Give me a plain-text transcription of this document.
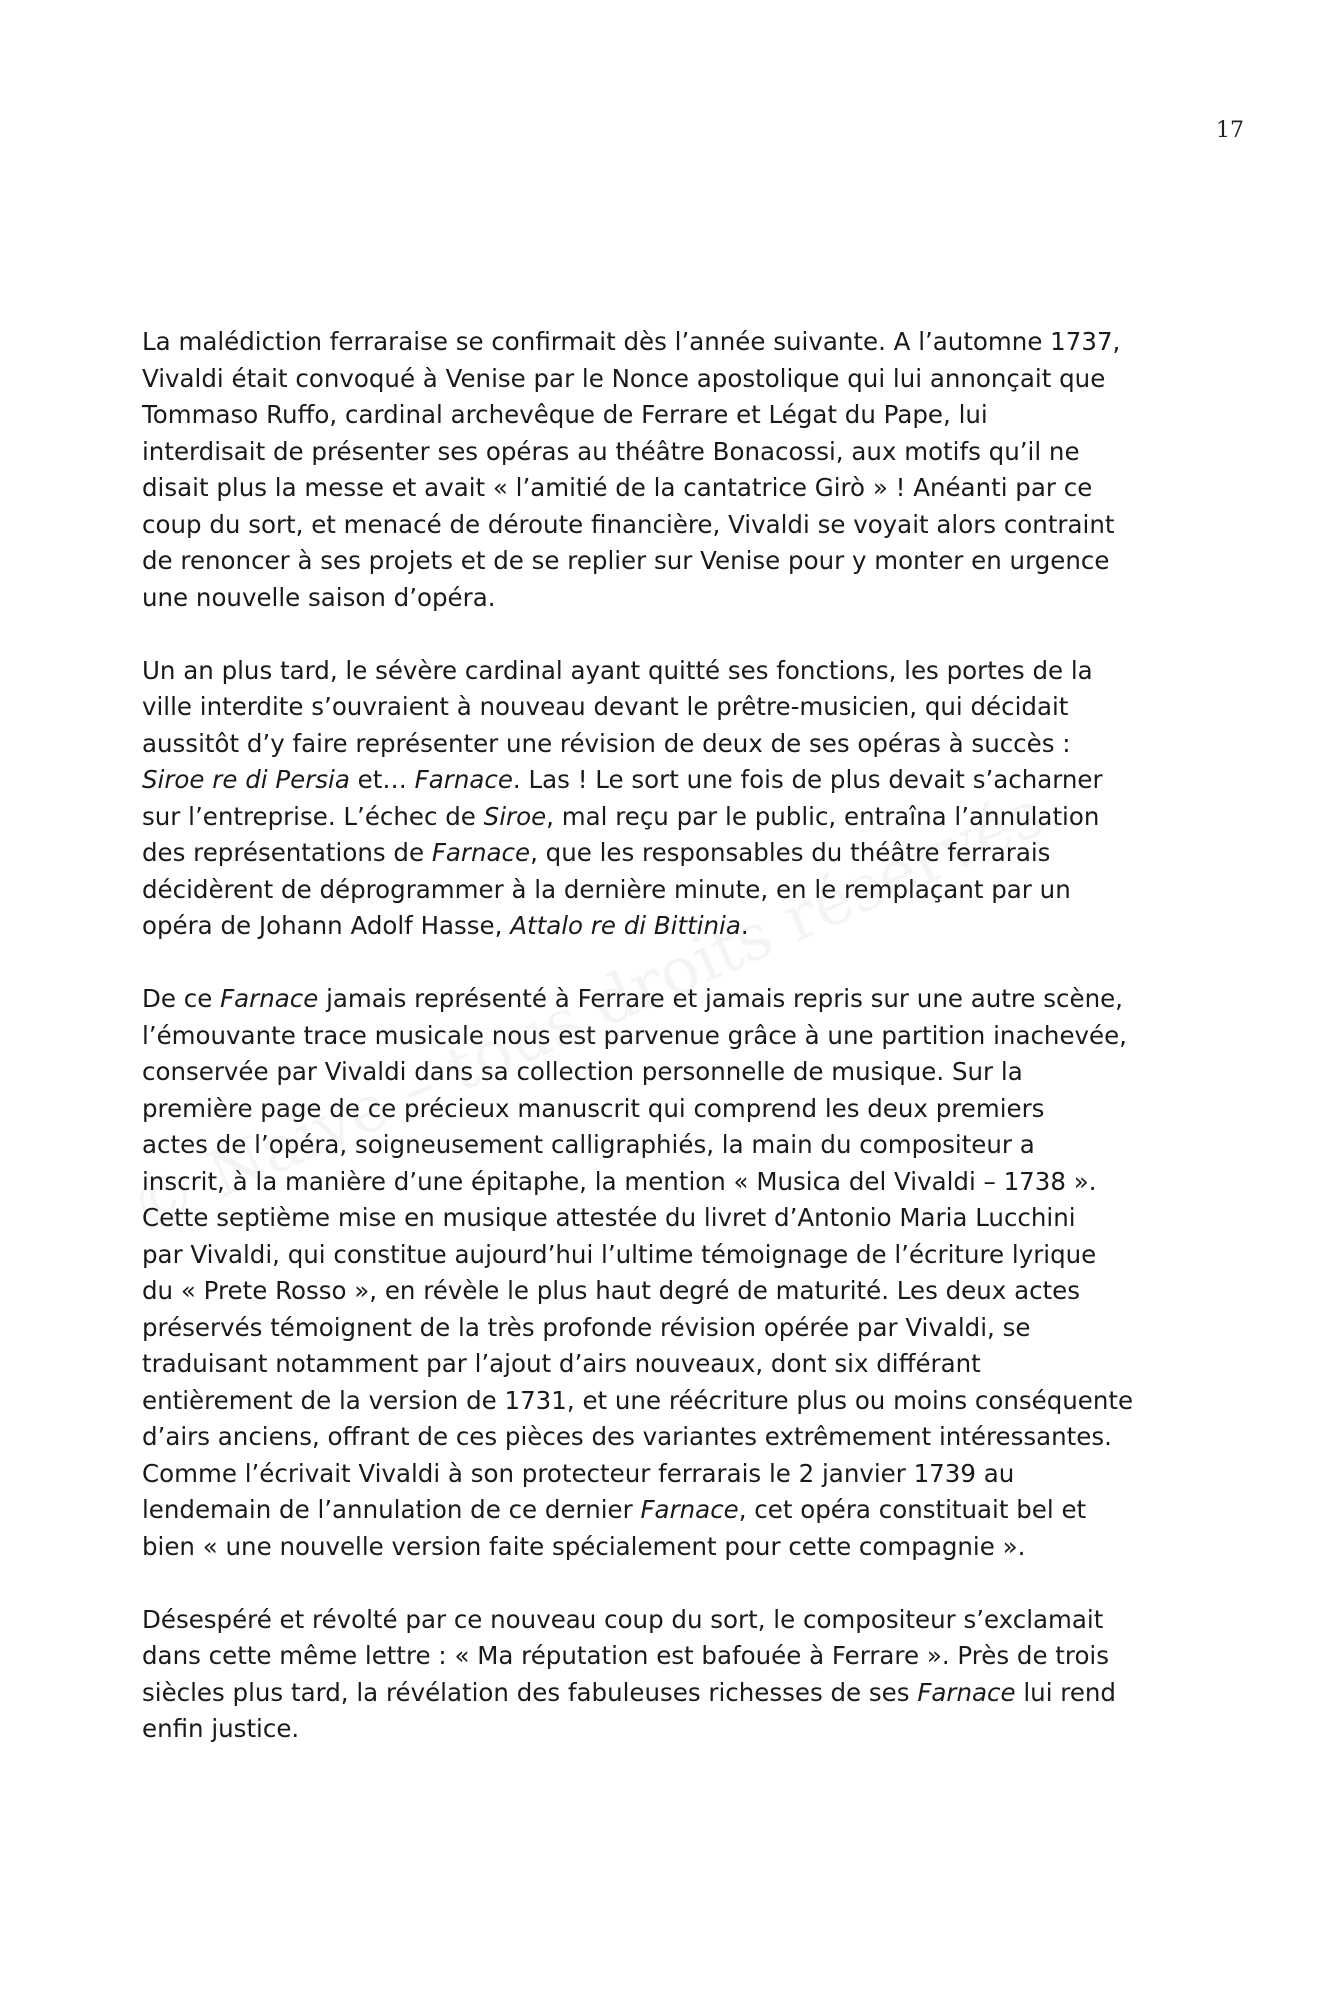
17
La malédiction ferraraise se confirmait dès l’année suivante. A l’automne 1737,
Vivaldi était convoqué à Venise par le Nonce apostolique qui lui annonçait que
Tommaso Ruffo, cardinal archevêque de Ferrare et Légat du Pape, lui
interdisait de présenter ses opéras au théâtre Bonacossi, aux motifs qu’il ne
disait plus la messe et avait « l’amitié de la cantatrice Girò » ! Anéanti par ce
coup du sort, et menacé de déroute financière, Vivaldi se voyait alors contraint
de renoncer à ses projets et de se replier sur Venise pour y monter en urgence
une nouvelle saison d’opéra.
Un an plus tard, le sévère cardinal ayant quitté ses fonctions, les portes de la
ville interdite s’ouvraient à nouveau devant le prêtre-musicien, qui décidait
aussitôt d’y faire représenter une révision de deux de ses opéras à succès :
Siroe re di Persia et… Farnace. Las ! Le sort une fois de plus devait s’acharner
sur l’entreprise. L’échec de Siroe, mal reçu par le public, entraîna l’annulation
des représentations de Farnace, que les responsables du théâtre ferrarais
décidèrent de déprogrammer à la dernière minute, en le remplaçant par un
opéra de Johann Adolf Hasse, Attalo re di Bittinia.
De ce Farnace jamais représenté à Ferrare et jamais repris sur une autre scène,
l’émouvante trace musicale nous est parvenue grâce à une partition inachevée,
conservée par Vivaldi dans sa collection personnelle de musique. Sur la
première page de ce précieux manuscrit qui comprend les deux premiers
actes de l’opéra, soigneusement calligraphiés, la main du compositeur a
inscrit, à la manière d’une épitaphe, la mention « Musica del Vivaldi – 1738 ».
Cette septième mise en musique attestée du livret d’Antonio Maria Lucchini
par Vivaldi, qui constitue aujourd’hui l’ultime témoignage de l’écriture lyrique
du « Prete Rosso », en révèle le plus haut degré de maturité. Les deux actes
préservés témoignent de la très profonde révision opérée par Vivaldi, se
traduisant notamment par l’ajout d’airs nouveaux, dont six différant
entièrement de la version de 1731, et une réécriture plus ou moins conséquente
d’airs anciens, offrant de ces pièces des variantes extrêmement intéressantes.
Comme l’écrivait Vivaldi à son protecteur ferrarais le 2 janvier 1739 au
lendemain de l’annulation de ce dernier Farnace, cet opéra constituait bel et
bien « une nouvelle version faite spécialement pour cette compagnie ».
Désespéré et révolté par ce nouveau coup du sort, le compositeur s’exclamait
dans cette même lettre : « Ma réputation est bafouée à Ferrare ». Près de trois
siècles plus tard, la révélation des fabuleuses richesses de ses Farnace lui rend
enfin justice.
